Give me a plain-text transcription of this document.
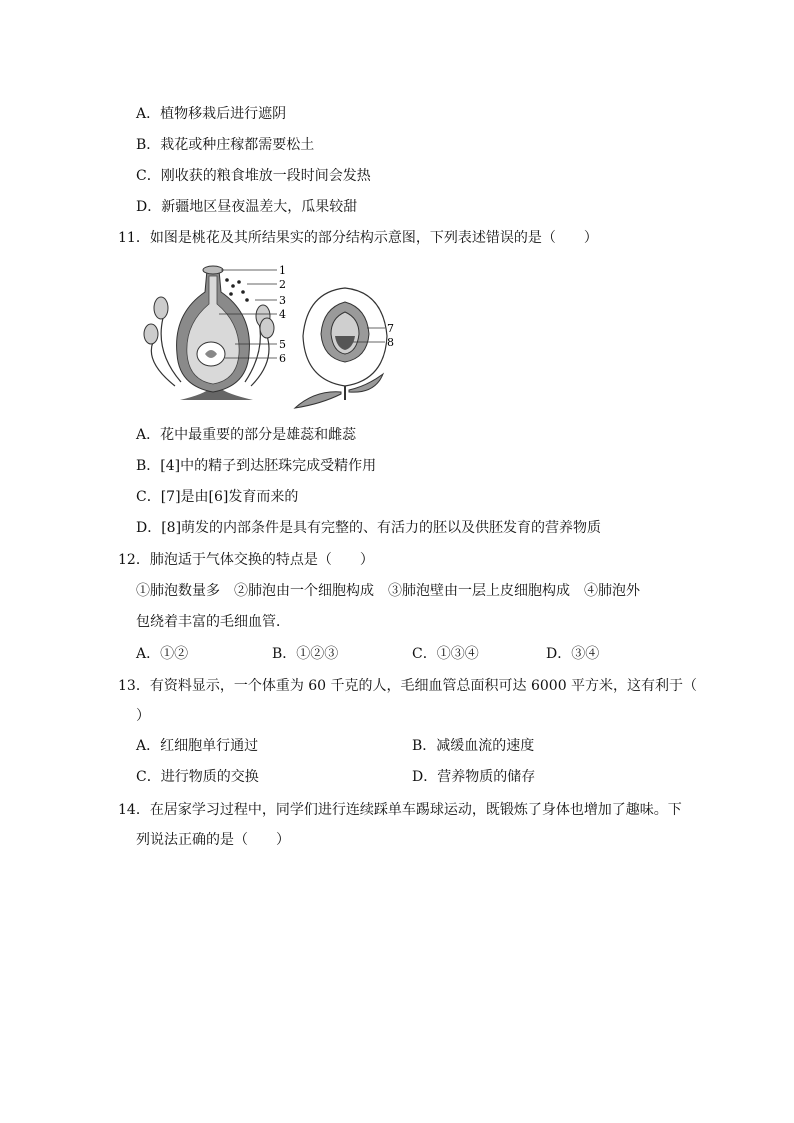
A．植物移栽后进行遮阴
B．栽花或种庄稼都需要松土
C．刚收获的粮食堆放一段时间会发热
D．新疆地区昼夜温差大，瓜果较甜
11．如图是桃花及其所结果实的部分结构示意图，下列表述错误的是（　　）
1
2
3
4
5
6
7
8
A．花中最重要的部分是雄蕊和雌蕊
B．[4]中的精子到达胚珠完成受精作用
C．[7]是由[6]发育而来的
D．[8]萌发的内部条件是具有完整的、有活力的胚以及供胚发育的营养物质
12．肺泡适于气体交换的特点是（　　）
①肺泡数量多　②肺泡由一个细胞构成　③肺泡壁由一层上皮细胞构成　④肺泡外
包绕着丰富的毛细血管．
A．①②	B．①②③	C．①③④	D．③④
13．有资料显示，一个体重为 60 千克的人，毛细血管总面积可达 6000 平方米，这有利于（
）
A．红细胞单行通过	B．减缓血流的速度
C．进行物质的交换	D．营养物质的储存
14．在居家学习过程中，同学们进行连续踩单车踢球运动，既锻炼了身体也增加了趣味。下
列说法正确的是（　　）
